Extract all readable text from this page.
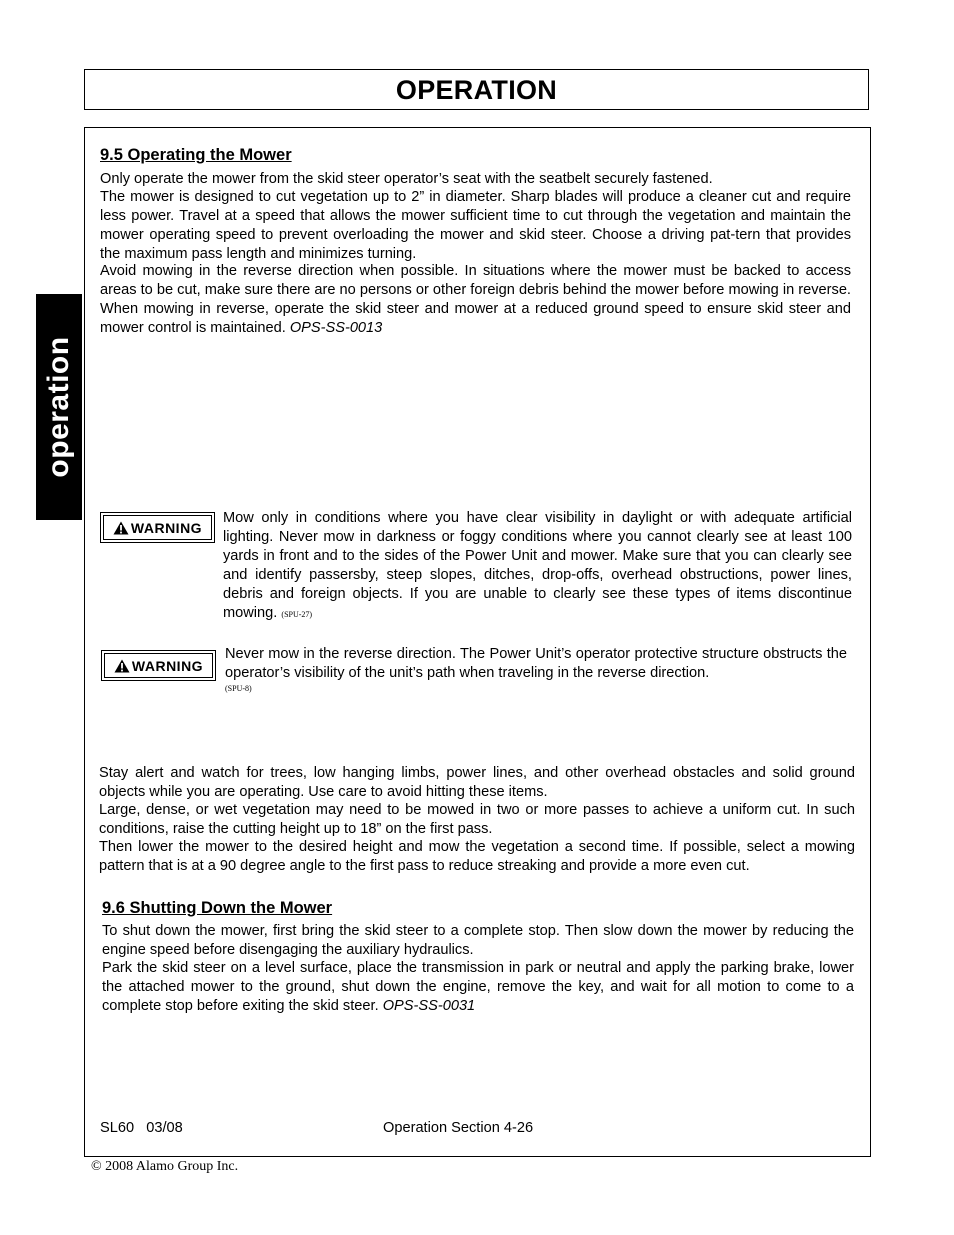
OPERATION
operation
9.5 Operating the Mower

Only operate the mower from the skid steer operator’s seat with the seatbelt securely fastened.

The mower is designed to cut vegetation up to 2” in diameter. Sharp blades will produce a cleaner cut and require less power. Travel at a speed that allows the mower sufficient time to cut through the vegetation and maintain the mower operating speed to prevent overloading the mower and skid steer. Choose a driving pat-tern that provides the maximum pass length and minimizes turning.

Avoid mowing in the reverse direction when possible. In situations where the mower must be backed to access areas to be cut, make sure there are no persons or other foreign debris behind the mower before mowing in reverse. When mowing in reverse, operate the skid steer and mower at a reduced ground speed to ensure skid steer and mower control is maintained. OPS-SS-0013

WARNING

Mow only in conditions where you have clear visibility in daylight or with adequate artificial lighting. Never mow in darkness or foggy conditions where you cannot clearly see at least 100 yards in front and to the sides of the Power Unit and mower. Make sure that you can clearly see and identify passersby, steep slopes, ditches, drop-offs, overhead obstructions, power lines, debris and foreign objects. If you are unable to clearly see these types of items discontinue mowing. (SPU-27)

WARNING

Never mow in the reverse direction. The Power Unit’s operator protective structure obstructs the operator’s visibility of the unit’s path when traveling in the reverse direction.

(SPU-8)

Stay alert and watch for trees, low hanging limbs, power lines, and other overhead obstacles and solid ground objects while you are operating. Use care to avoid hitting these items.

Large, dense, or wet vegetation may need to be mowed in two or more passes to achieve a uniform cut. In such conditions, raise the cutting height up to 18” on the first pass.

Then lower the mower to the desired height and mow the vegetation a second time. If possible, select a mowing pattern that is at a 90 degree angle to the first pass to reduce streaking and provide a more even cut.

9.6 Shutting Down the Mower

To shut down the mower, first bring the skid steer to a complete stop. Then slow down the mower by reducing the engine speed before disengaging the auxiliary hydraulics.

Park the skid steer on a level surface, place the transmission in park or neutral and apply the parking brake, lower the attached mower to the ground, shut down the engine, remove the key, and wait for all motion to come to a complete stop before exiting the skid steer. OPS-SS-0031

SL60   03/08	Operation Section 4-26
© 2008 Alamo Group Inc.
